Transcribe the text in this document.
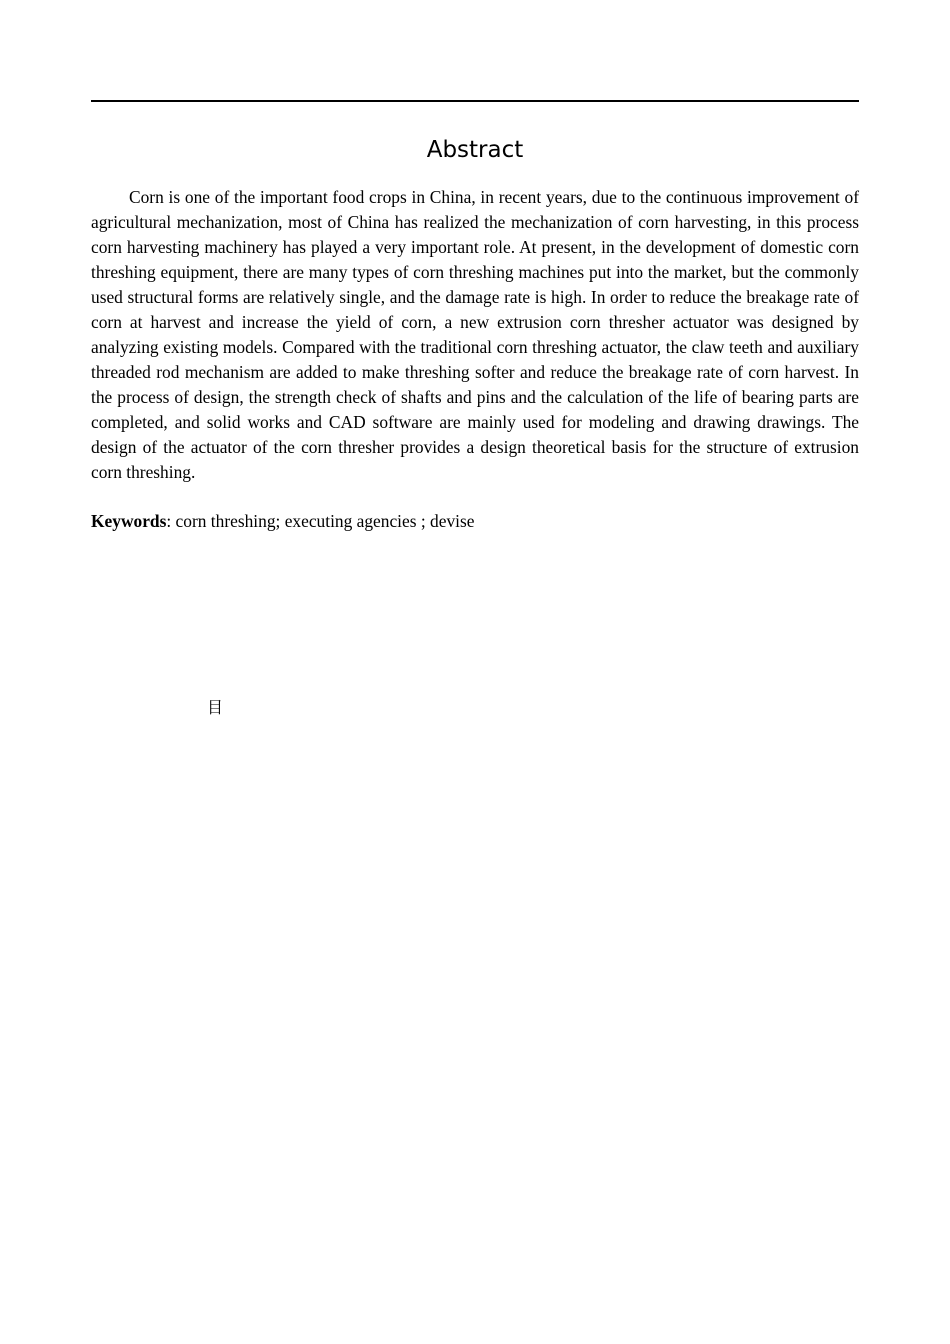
Abstract

Corn is one of the important food crops in China, in recent years, due to the continuous improvement of agricultural mechanization, most of China has realized the mechanization of corn harvesting, in this process corn harvesting machinery has played a very important role. At present, in the development of domestic corn threshing equipment, there are many types of corn threshing machines put into the market, but the commonly used structural forms are relatively single, and the damage rate is high. In order to reduce the breakage rate of corn at harvest and increase the yield of corn, a new extrusion corn thresher actuator was designed by analyzing existing models. Compared with the traditional corn threshing actuator, the claw teeth and auxiliary threaded rod mechanism are added to make threshing softer and reduce the breakage rate of corn harvest. In the process of design, the strength check of shafts and pins and the calculation of the life of bearing parts are completed, and solid works and CAD software are mainly used for modeling and drawing drawings. The design of the actuator of the corn thresher provides a design theoretical basis for the structure of extrusion corn threshing.

Keywords: corn threshing; executing agencies ; devise

目
